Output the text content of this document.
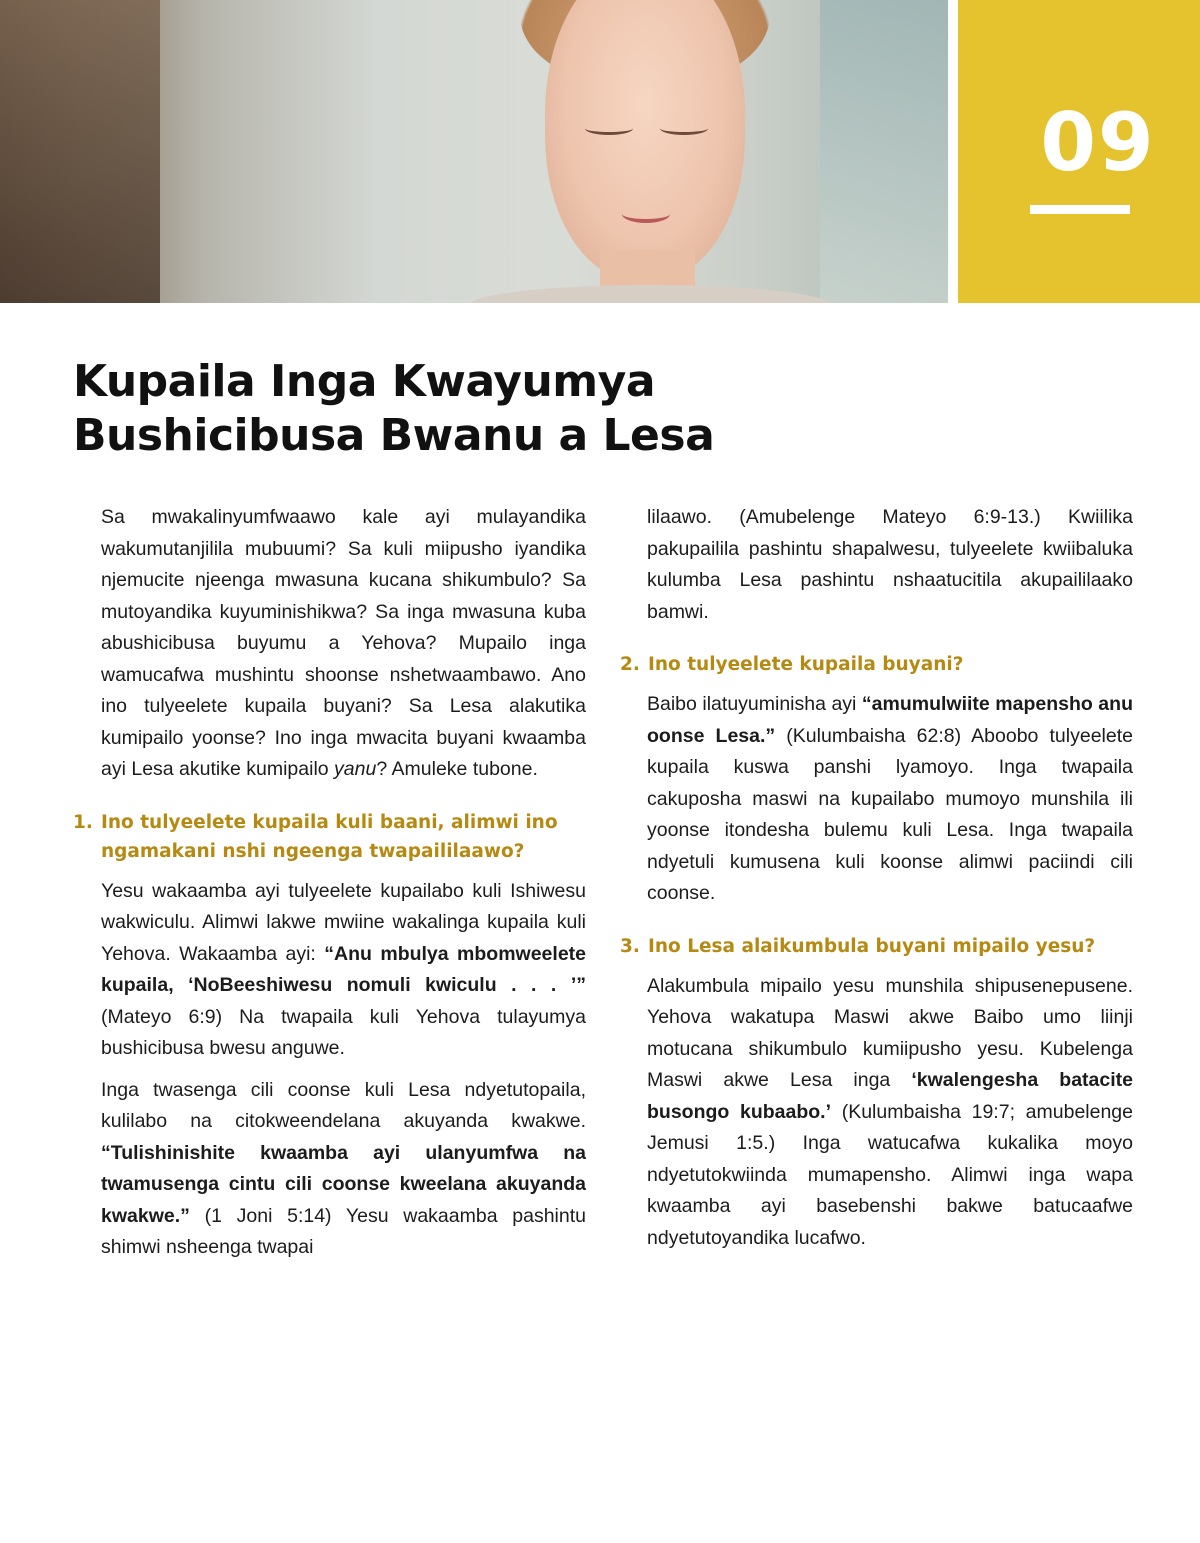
09
Kupaila Inga Kwayumya
Bushicibusa Bwanu a Lesa

Sa mwakalinyumfwaawo kale ayi mulayandika wakumutanjilila mubuumi? Sa kuli miipusho iyandika njemucite njeenga mwasuna kucana shikumbulo? Sa mutoyandika kuyuminishikwa? Sa inga mwasuna kuba abushicibusa buyumu a Yehova? Mupailo inga wamucafwa mushintu shoonse nshetwaambawo. Ano ino tulyeelete kupaila buyani? Sa Lesa alakutika kumipailo yoonse? Ino inga mwacita buyani kwaamba ayi Lesa akutike kumipailo yanu? Amuleke tubone.

1. Ino tulyeelete kupaila kuli baani, alimwi ino ngamakani nshi ngeenga twapaililaawo?

Yesu wakaamba ayi tulyeelete kupailabo kuli Ishiwesu wakwiculu. Alimwi lakwe mwiine wakalinga kupaila kuli Yehova. Wakaamba ayi: “Anu mbulya mbomweelete kupaila, ‘NoBeeshiwesu nomuli kwiculu . . . ’” (Mateyo 6:9) Na twapaila kuli Yehova tulayumya bushicibusa bwesu anguwe.

Inga twasenga cili coonse kuli Lesa ndyetutopaila, kulilabo na citokweendelana akuyanda kwakwe. “Tulishinishite kwaamba ayi ulanyumfwa na twamusenga cintu cili coonse kweelana akuyanda kwakwe.” (1 Joni 5:14) Yesu wakaamba pashintu shimwi nsheenga twapai

lilaawo. (Amubelenge Mateyo 6:9-13.) Kwiilika pakupailila pashintu shapalwesu, tulyeelete kwiibaluka kulumba Lesa pashintu nshaatucitila akupaililaako bamwi.

2. Ino tulyeelete kupaila buyani?

Baibo ilatuyuminisha ayi “amumulwiite mapensho anu oonse Lesa.” (Kulumbaisha 62:8) Aboobo tulyeelete kupaila kuswa panshi lyamoyo. Inga twapaila cakuposha maswi na kupailabo mumoyo munshila ili yoonse itondesha bulemu kuli Lesa. Inga twapaila ndyetuli kumusena kuli koonse alimwi paciindi cili coonse.

3. Ino Lesa alaikumbula buyani mipailo yesu?

Alakumbula mipailo yesu munshila shipusenepusene. Yehova wakatupa Maswi akwe Baibo umo liinji motucana shikumbulo kumiipusho yesu. Kubelenga Maswi akwe Lesa inga ‘kwalengesha batacite busongo kubaabo.’ (Kulumbaisha 19:7; amubelenge Jemusi 1:5.) Inga watucafwa kukalika moyo ndyetutokwiinda mumapensho. Alimwi inga wapa kwaamba ayi basebenshi bakwe batucaafwe ndyetutoyandika lucafwo.
